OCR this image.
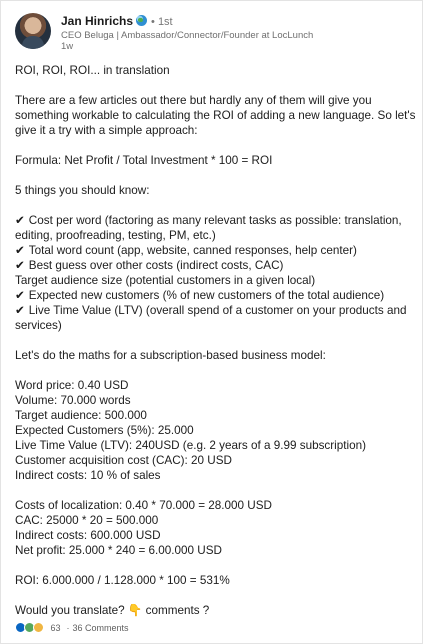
Jan Hinrichs • 1st
CEO Beluga | Ambassador/Connector/Founder at LocLunch
1w
ROI, ROI, ROI... in translation
There are a few articles out there but hardly any of them will give you
something workable to calculating the ROI of adding a new language. So let's
give it a try with a simple approach:
Formula: Net Profit / Total Investment * 100 = ROI
5 things you should know:
✔ Cost per word (factoring as many relevant tasks as possible: translation,
editing, proofreading, testing, PM, etc.)
✔ Total word count (app, website, canned responses, help center)
✔ Best guess over other costs (indirect costs, CAC)
Target audience size (potential customers in a given local)
✔ Expected new customers (% of new customers of the total audience)
✔ Live Time Value (LTV) (overall spend of a customer on your products and
services)
Let's do the maths for a subscription-based business model:
Word price: 0.40 USD
Volume: 70.000 words
Target audience: 500.000
Expected Customers (5%): 25.000
Live Time Value (LTV): 240USD (e.g. 2 years of a 9.99 subscription)
Customer acquisition cost (CAC): 20 USD
Indirect costs: 10 % of sales
Costs of localization: 0.40 * 70.000 = 28.000 USD
CAC: 25000 * 20 = 500.000
Indirect costs: 600.000 USD
Net profit: 25.000 * 240 = 6.00.000 USD
ROI: 6.000.000 / 1.128.000 * 100 = 531%
Would you translate? 👇 comments ?
63 · 36 Comments
